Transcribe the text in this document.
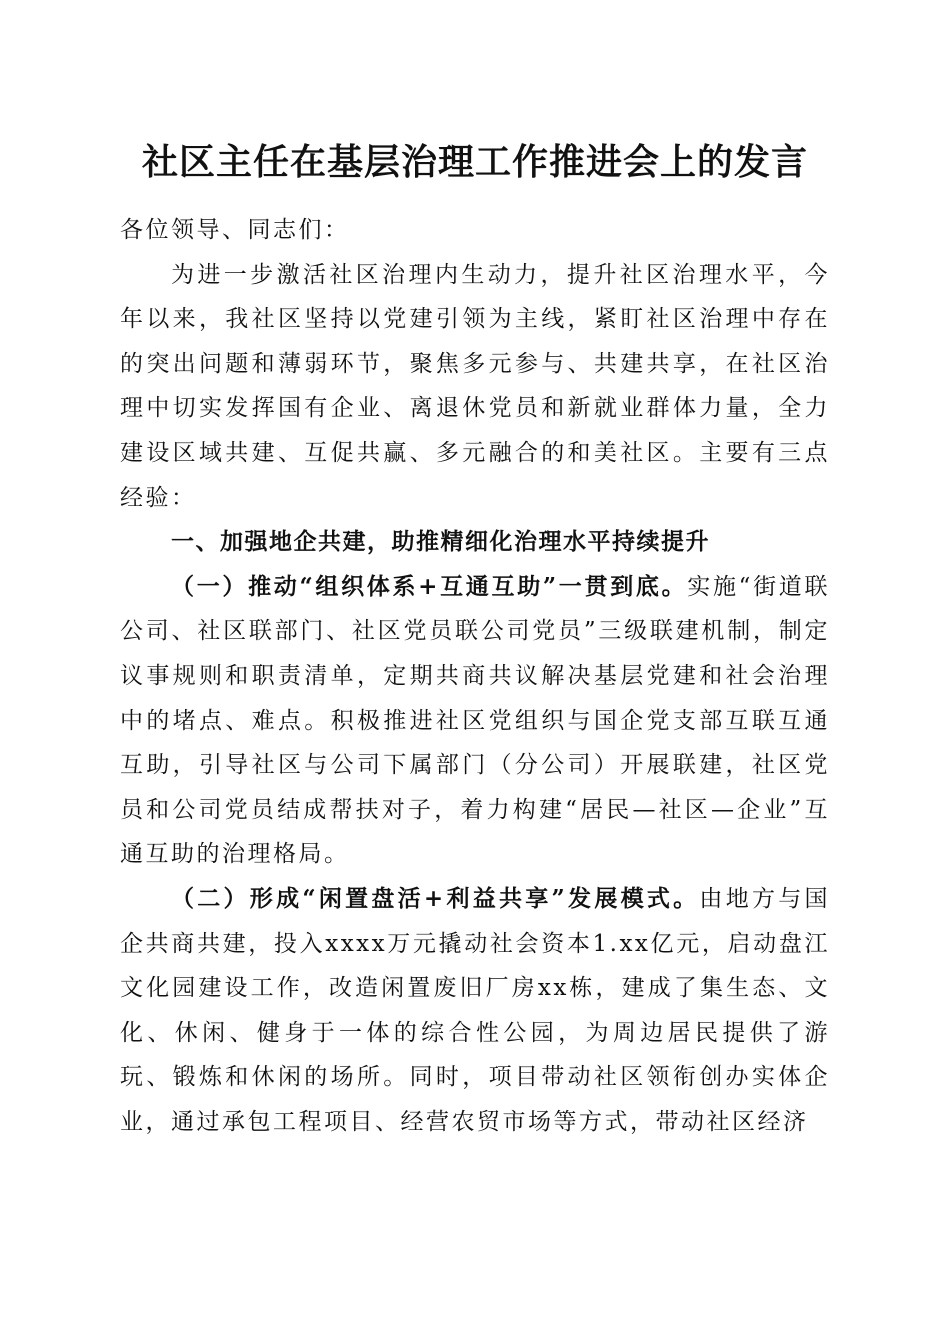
社区主任在基层治理工作推进会上的发言

各位领导、同志们：

为进一步激活社区治理内生动力，提升社区治理水平，今年以来，我社区坚持以党建引领为主线，紧盯社区治理中存在的突出问题和薄弱环节，聚焦多元参与、共建共享，在社区治理中切实发挥国有企业、离退休党员和新就业群体力量，全力建设区域共建、互促共赢、多元融合的和美社区。主要有三点经验：

一、加强地企共建，助推精细化治理水平持续提升

（一）推动“组织体系+互通互助”一贯到底。实施“街道联公司、社区联部门、社区党员联公司党员”三级联建机制，制定议事规则和职责清单，定期共商共议解决基层党建和社会治理中的堵点、难点。积极推进社区党组织与国企党支部互联互通互助，引导社区与公司下属部门（分公司）开展联建，社区党员和公司党员结成帮扶对子，着力构建“居民—社区—企业”互通互助的治理格局。

（二）形成“闲置盘活+利益共享”发展模式。由地方与国企共商共建，投入xxxx万元撬动社会资本1.xx亿元，启动盘江文化园建设工作，改造闲置废旧厂房xx栋，建成了集生态、文化、休闲、健身于一体的综合性公园，为周边居民提供了游玩、锻炼和休闲的场所。同时，项目带动社区领衔创办实体企业，通过承包工程项目、经营农贸市场等方式，带动社区经济
